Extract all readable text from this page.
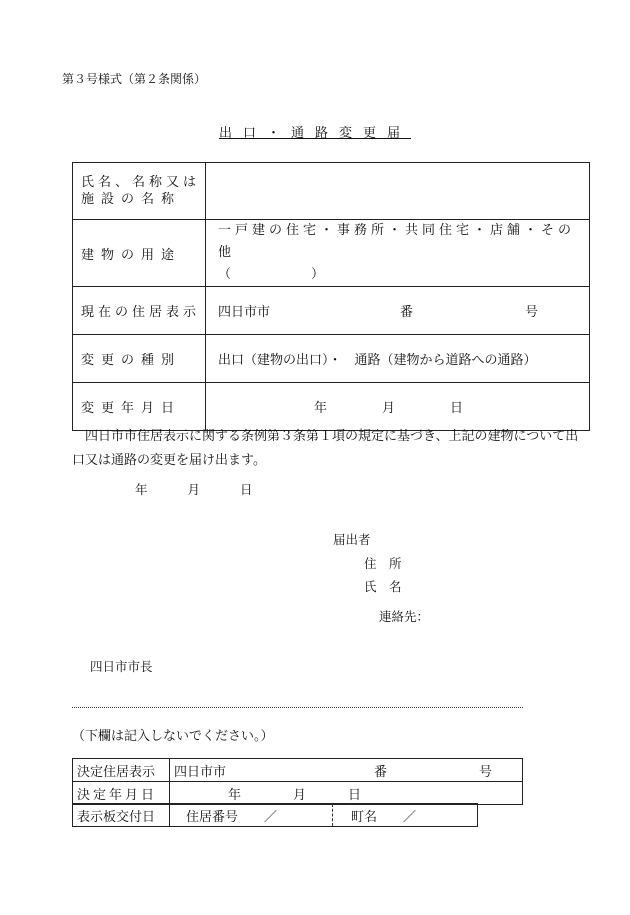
第３号様式（第２条関係）
出口・通路変更届
氏名、名称又は
施設の名称	

建物の用途	一戸建の住宅・事務所・共同住宅・店舗・その他
（ ）

現在の住居表示	四日市市 番 号
変更の種別	出口（建物の出口）・　通路（建物から道路への通路）
変更年月日	年 月 日
四日市市住居表示に関する条例第３条第１項の規定に基づき、上記の建物について出口又は通路の変更を届け出ます。
年	月	日
届出者
住　所
氏　名
連絡先：
四日市市長
（下欄は記入しないでください。）
決定住居表示	四日市市 番 号
決定年月日	年 月 日
表示板交付日	住居番号　　／	町名　　／
